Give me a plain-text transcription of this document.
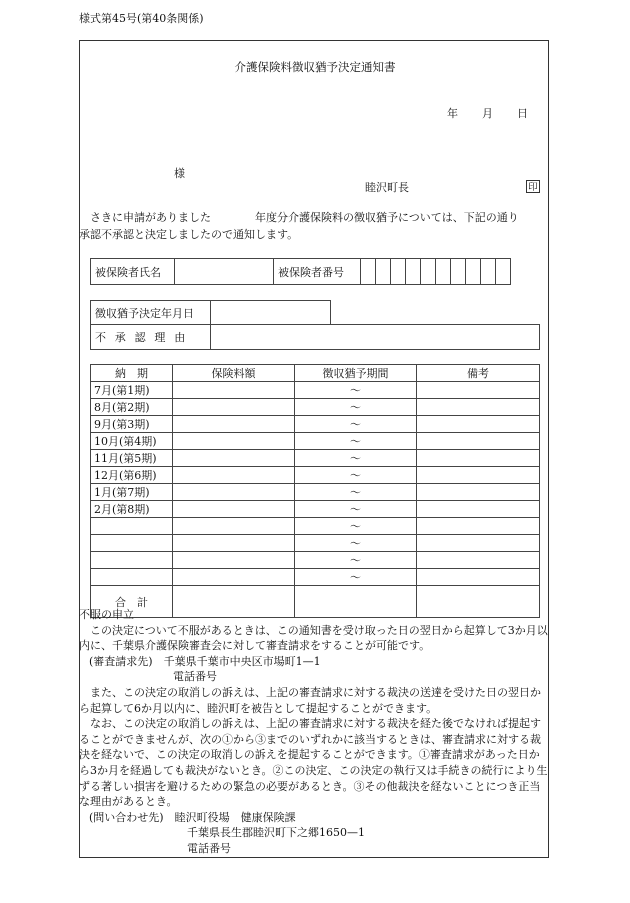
様式第45号(第40条関係)
介護保険料徴収猶予決定通知書
年 月 日
様
睦沢町長	印
さきに申請がありました　　　　年度分介護保険料の徴収猶予については、下記の通り
承認不承認と決定しましたので通知します。
被保険者氏名		被保険者番号										
徴収猶予決定年月日	
不承認理由	
納　期	保険料額	徴収猶予期間	備考
7月(第1期)		〜	
8月(第2期)		〜	
9月(第3期)		〜	
10月(第4期)		〜	
11月(第5期)		〜	
12月(第6期)		〜	
1月(第7期)		〜	
2月(第8期)		〜	
		〜	
		〜	
		〜	
		〜	
合　計			

不服の申立

この決定について不服があるときは、この通知書を受け取った日の翌日から起算して3か月以内に、千葉県介護保険審査会に対して審査請求をすることが可能です。

(審査請求先)　 千葉県千葉市中央区市場町1—1

電話番号

また、この決定の取消しの訴えは、上記の審査請求に対する裁決の送達を受けた日の翌日から起算して6か月以内に、睦沢町を被告として提起することができます。

なお、この決定の取消しの訴えは、上記の審査請求に対する裁決を経た後でなければ提起することができませんが、次の①から③までのいずれかに該当するときは、審査請求に対する裁決を経ないで、この決定の取消しの訴えを提起することができます。①審査請求があった日から3か月を経過しても裁決がないとき。②この決定、この決定の執行又は手続きの続行により生ずる著しい損害を避けるための緊急の必要があるとき。③その他裁決を経ないことにつき正当な理由があるとき。

(問い合わせ先)　 睦沢町役場　健康保険課

千葉県長生郡睦沢町下之郷1650—1

電話番号
